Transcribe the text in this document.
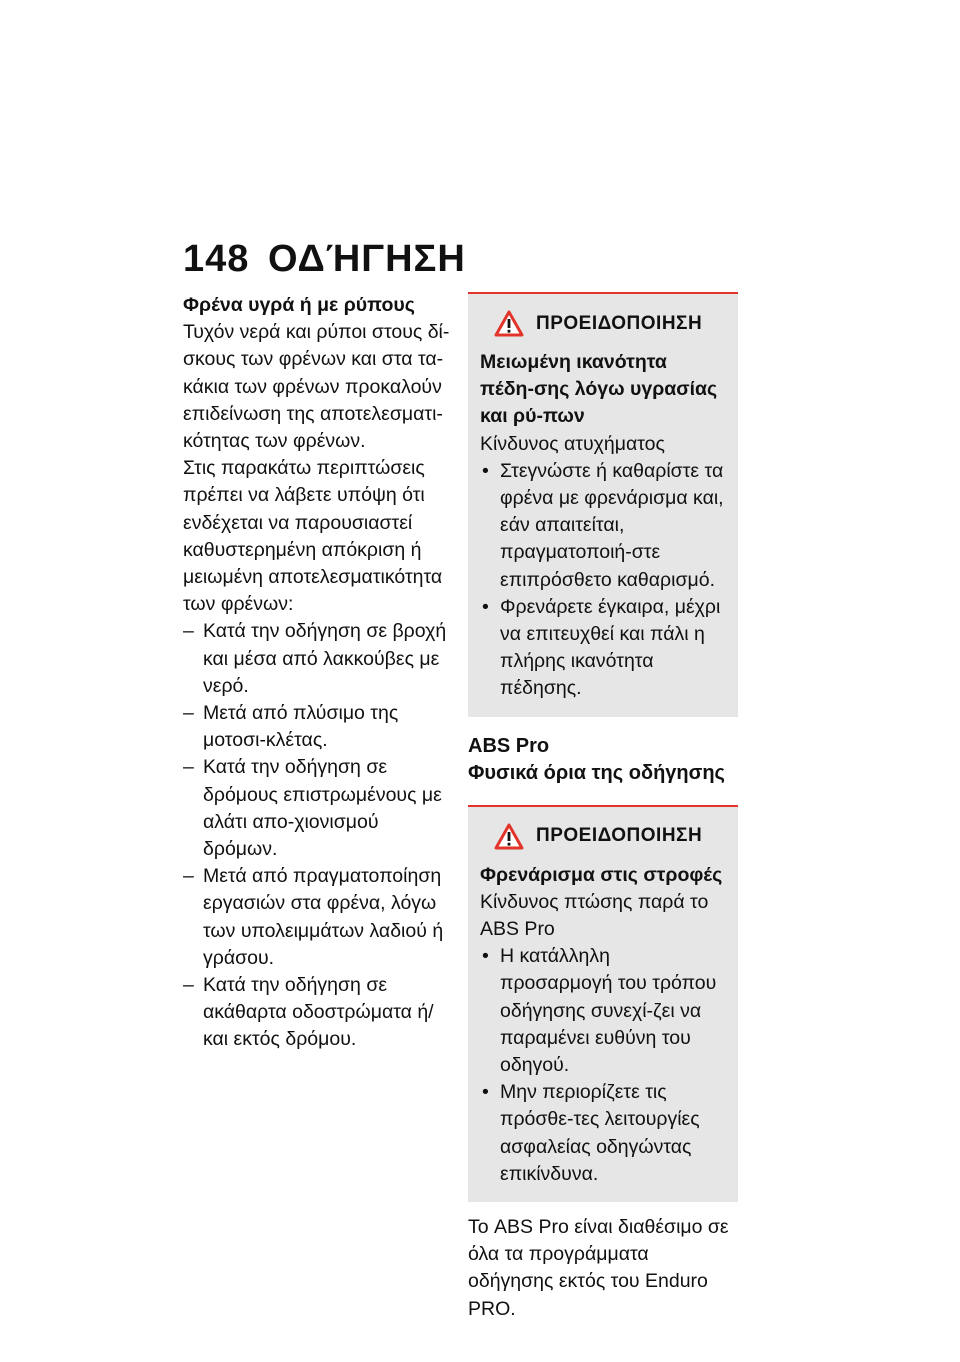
148 ΟΔΉΓΗΣΗ
Φρένα υγρά ή με ρύπους
Τυχόν νερά και ρύποι στους δί-σκους των φρένων και στα τα-κάκια των φρένων προκαλούν επιδείνωση της αποτελεσματι-κότητας των φρένων.
Στις παρακάτω περιπτώσεις πρέπει να λάβετε υπόψη ότι ενδέχεται να παρουσιαστεί καθυστερημένη απόκριση ή μειωμένη αποτελεσματικότητα των φρένων:
– Κατά την οδήγηση σε βροχή και μέσα από λακκούβες με νερό.
– Μετά από πλύσιμο της μοτοσι-κλέτας.
– Κατά την οδήγηση σε δρόμους επιστρωμένους με αλάτι απο-χιονισμού δρόμων.
– Μετά από πραγματοποίηση εργασιών στα φρένα, λόγω των υπολειμμάτων λαδιού ή γράσου.
– Κατά την οδήγηση σε ακάθαρτα οδοστρώματα ή/και εκτός δρόμου.
ΠΡΟΕΙΔΟΠΟΙΗΣΗ
Μειωμένη ικανότητα πέδη-σης λόγω υγρασίας και ρύ-πων
Κίνδυνος ατυχήματος
• Στεγνώστε ή καθαρίστε τα φρένα με φρενάρισμα και, εάν απαιτείται, πραγματοποιή-στε επιπρόσθετο καθαρισμό.
• Φρενάρετε έγκαιρα, μέχρι να επιτευχθεί και πάλι η πλήρης ικανότητα πέδησης.
ABS Pro
Φυσικά όρια της οδήγησης
ΠΡΟΕΙΔΟΠΟΙΗΣΗ
Φρενάρισμα στις στροφές
Κίνδυνος πτώσης παρά το ABS Pro
• Η κατάλληλη προσαρμογή του τρόπου οδήγησης συνεχί-ζει να παραμένει ευθύνη του οδηγού.
• Μην περιορίζετε τις πρόσθε-τες λειτουργίες ασφαλείας οδηγώντας επικίνδυνα.
Το ABS Pro είναι διαθέσιμο σε όλα τα προγράμματα οδήγησης εκτός του Enduro PRO.
